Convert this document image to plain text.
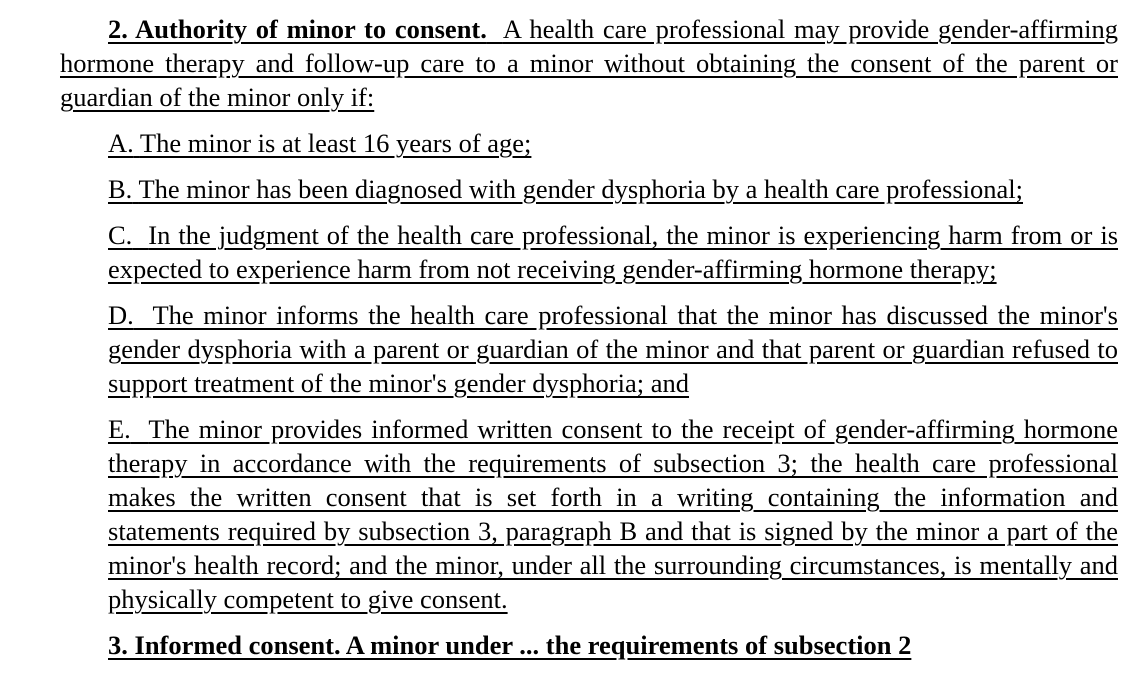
2. Authority of minor to consent. A health care professional may provide gender-affirming hormone therapy and follow-up care to a minor without obtaining the consent of the parent or guardian of the minor only if:

A. The minor is at least 16 years of age;

B. The minor has been diagnosed with gender dysphoria by a health care professional;

C. In the judgment of the health care professional, the minor is experiencing harm from or is expected to experience harm from not receiving gender-affirming hormone therapy;

D. The minor informs the health care professional that the minor has discussed the minor's gender dysphoria with a parent or guardian of the minor and that parent or guardian refused to support treatment of the minor's gender dysphoria; and

E. The minor provides informed written consent to the receipt of gender-affirming hormone therapy in accordance with the requirements of subsection 3; the health care professional makes the written consent that is set forth in a writing containing the information and statements required by subsection 3, paragraph B and that is signed by the minor a part of the minor's health record; and the minor, under all the surrounding circumstances, is mentally and physically competent to give consent.

3. Informed consent. A minor under ... the requirements of subsection 2
